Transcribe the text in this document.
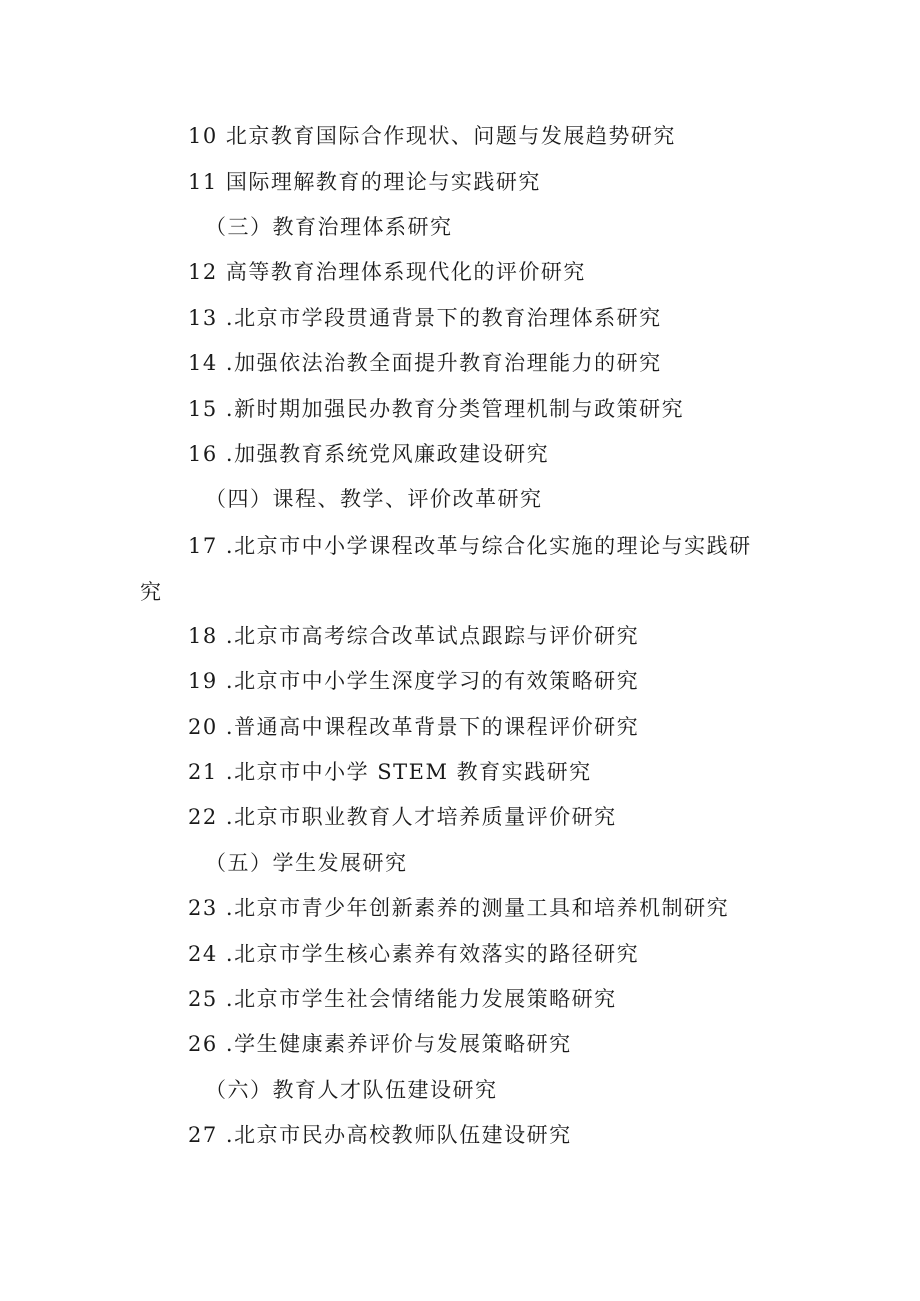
10 北京教育国际合作现状、问题与发展趋势研究
11 国际理解教育的理论与实践研究
（三）教育治理体系研究
12 高等教育治理体系现代化的评价研究
13 .北京市学段贯通背景下的教育治理体系研究
14 .加强依法治教全面提升教育治理能力的研究
15 .新时期加强民办教育分类管理机制与政策研究
16 .加强教育系统党风廉政建设研究
（四）课程、教学、评价改革研究
17 .北京市中小学课程改革与综合化实施的理论与实践研
究
18 .北京市高考综合改革试点跟踪与评价研究
19 .北京市中小学生深度学习的有效策略研究
20 .普通高中课程改革背景下的课程评价研究
21 .北京市中小学 STEM 教育实践研究
22 .北京市职业教育人才培养质量评价研究
（五）学生发展研究
23 .北京市青少年创新素养的测量工具和培养机制研究
24 .北京市学生核心素养有效落实的路径研究
25 .北京市学生社会情绪能力发展策略研究
26 .学生健康素养评价与发展策略研究
（六）教育人才队伍建设研究
27 .北京市民办高校教师队伍建设研究
